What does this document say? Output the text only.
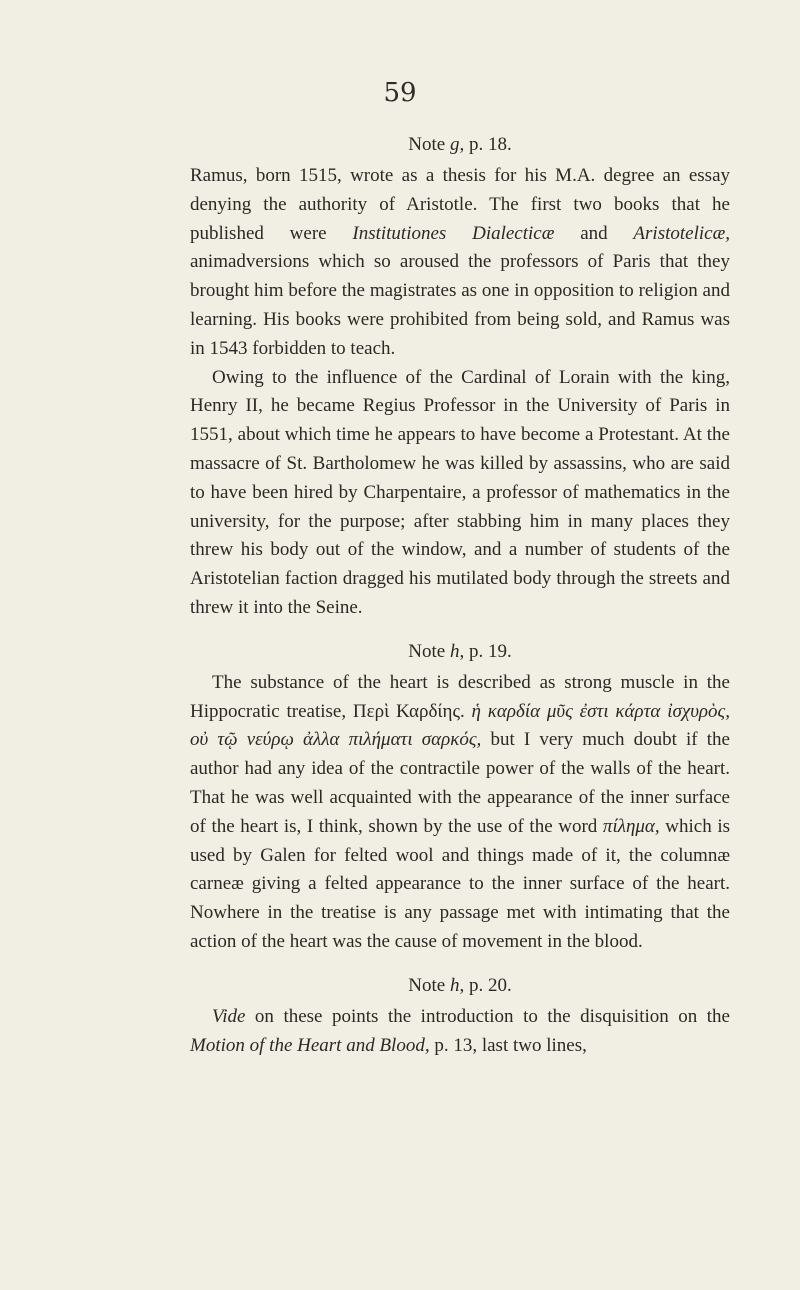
59
Note g, p. 18.

Ramus, born 1515, wrote as a thesis for his M.A. degree an essay denying the authority of Aristotle. The first two books that he published were Institutiones Dialecticæ and Aristotelicæ, animadversions which so aroused the professors of Paris that they brought him before the magistrates as one in opposition to religion and learning. His books were prohibited from being sold, and Ramus was in 1543 forbidden to teach.

Owing to the influence of the Cardinal of Lorain with the king, Henry II, he became Regius Professor in the University of Paris in 1551, about which time he appears to have become a Protestant. At the massacre of St. Bartholomew he was killed by assassins, who are said to have been hired by Charpentaire, a professor of mathematics in the university, for the purpose; after stabbing him in many places they threw his body out of the window, and a number of students of the Aristotelian faction dragged his mutilated body through the streets and threw it into the Seine.

Note h, p. 19.

The substance of the heart is described as strong muscle in the Hippocratic treatise, Περὶ Καρδίης. ἡ καρδία μῦς ἐστι κάρτα ἰσχυρὸς, οὐ τῷ νεύρῳ ἀλλα πιλήματι σαρκός, but I very much doubt if the author had any idea of the contractile power of the walls of the heart. That he was well acquainted with the appearance of the inner surface of the heart is, I think, shown by the use of the word πίλημα, which is used by Galen for felted wool and things made of it, the columnæ carneæ giving a felted appearance to the inner surface of the heart. Nowhere in the treatise is any passage met with intimating that the action of the heart was the cause of movement in the blood.

Note h, p. 20.

Vide on these points the introduction to the disquisition on the Motion of the Heart and Blood, p. 13, last two lines,
